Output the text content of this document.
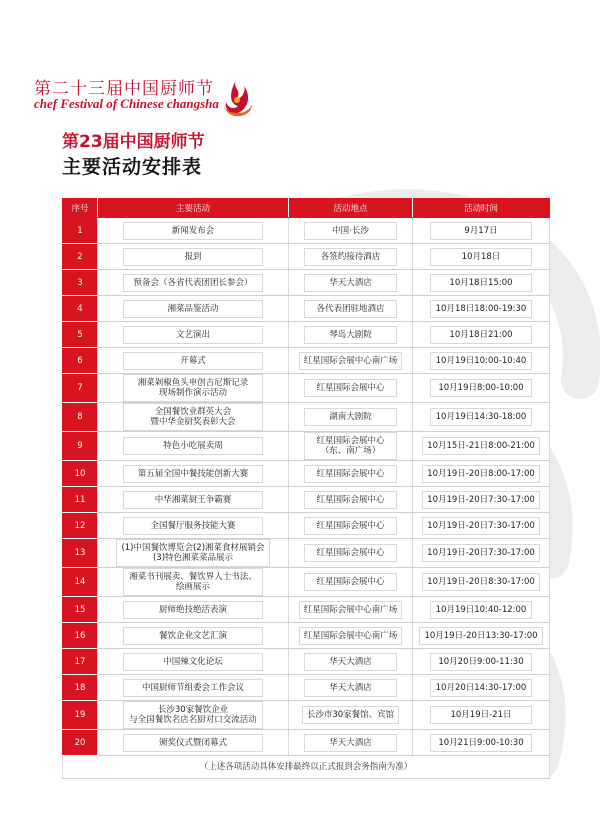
第二十三届中国厨师节
chef Festival of Chinese changsha
第23届中国厨师节
主要活动安排表
序号	主要活动	活动地点	活动时间
1	新闻发布会	中国·长沙	9月17日
2	报到	各签约接待酒店	10月18日
3	预备会（各省代表团团长参会）	华天大酒店	10月18日15:00
4	湘菜品鉴活动	各代表团驻地酒店	10月18日18:00-19:30
5	文艺演出	琴岛大剧院	10月18日21:00
6	开幕式	红星国际会展中心南广场	10月19日10:00-10:40
7	湘菜剁椒鱼头申创吉尼斯记录
现场制作演示活动	红星国际会展中心	10月19日8:00-10:00
8	全国餐饮业群英大会
暨中华金厨奖表彰大会	湖南大剧院	10月19日14:30-18:00
9	特色小吃展卖周	红星国际会展中心
（东、南广场）	10月15日-21日8:00-21:00
10	第五届全国中餐技能创新大赛	红星国际会展中心	10月19日-20日8:00-17:00
11	中华湘菜厨王争霸赛	红星国际会展中心	10月19日-20日7:30-17:00
12	全国餐厅服务技能大赛	红星国际会展中心	10月19日-20日7:30-17:00
13	(1)中国餐饮博览会(2)湘菜食材展销会
(3)特色湘菜菜品展示	红星国际会展中心	10月19日-20日7:30-17:00
14	湘菜书刊展卖、餐饮界人士书法、
绘画展示	红星国际会展中心	10月19日-20日8:30-17:00
15	厨师绝技绝活表演	红星国际会展中心南广场	10月19日10:40-12:00
16	餐饮企业文艺汇演	红星国际会展中心南广场	10月19日-20日13:30-17:00
17	中国辣文化论坛	华天大酒店	10月20日9:00-11:30
18	中国厨师节组委会工作会议	华天大酒店	10月20日14:30-17:00
19	长沙30家餐饮企业
与全国餐饮名店名厨对口交流活动	长沙市30家餐馆、宾馆	10月19日-21日
20	颁奖仪式暨闭幕式	华天大酒店	10月21日9:00-10:30
（上述各项活动具体安排最终以正式报到会务指南为准）			
